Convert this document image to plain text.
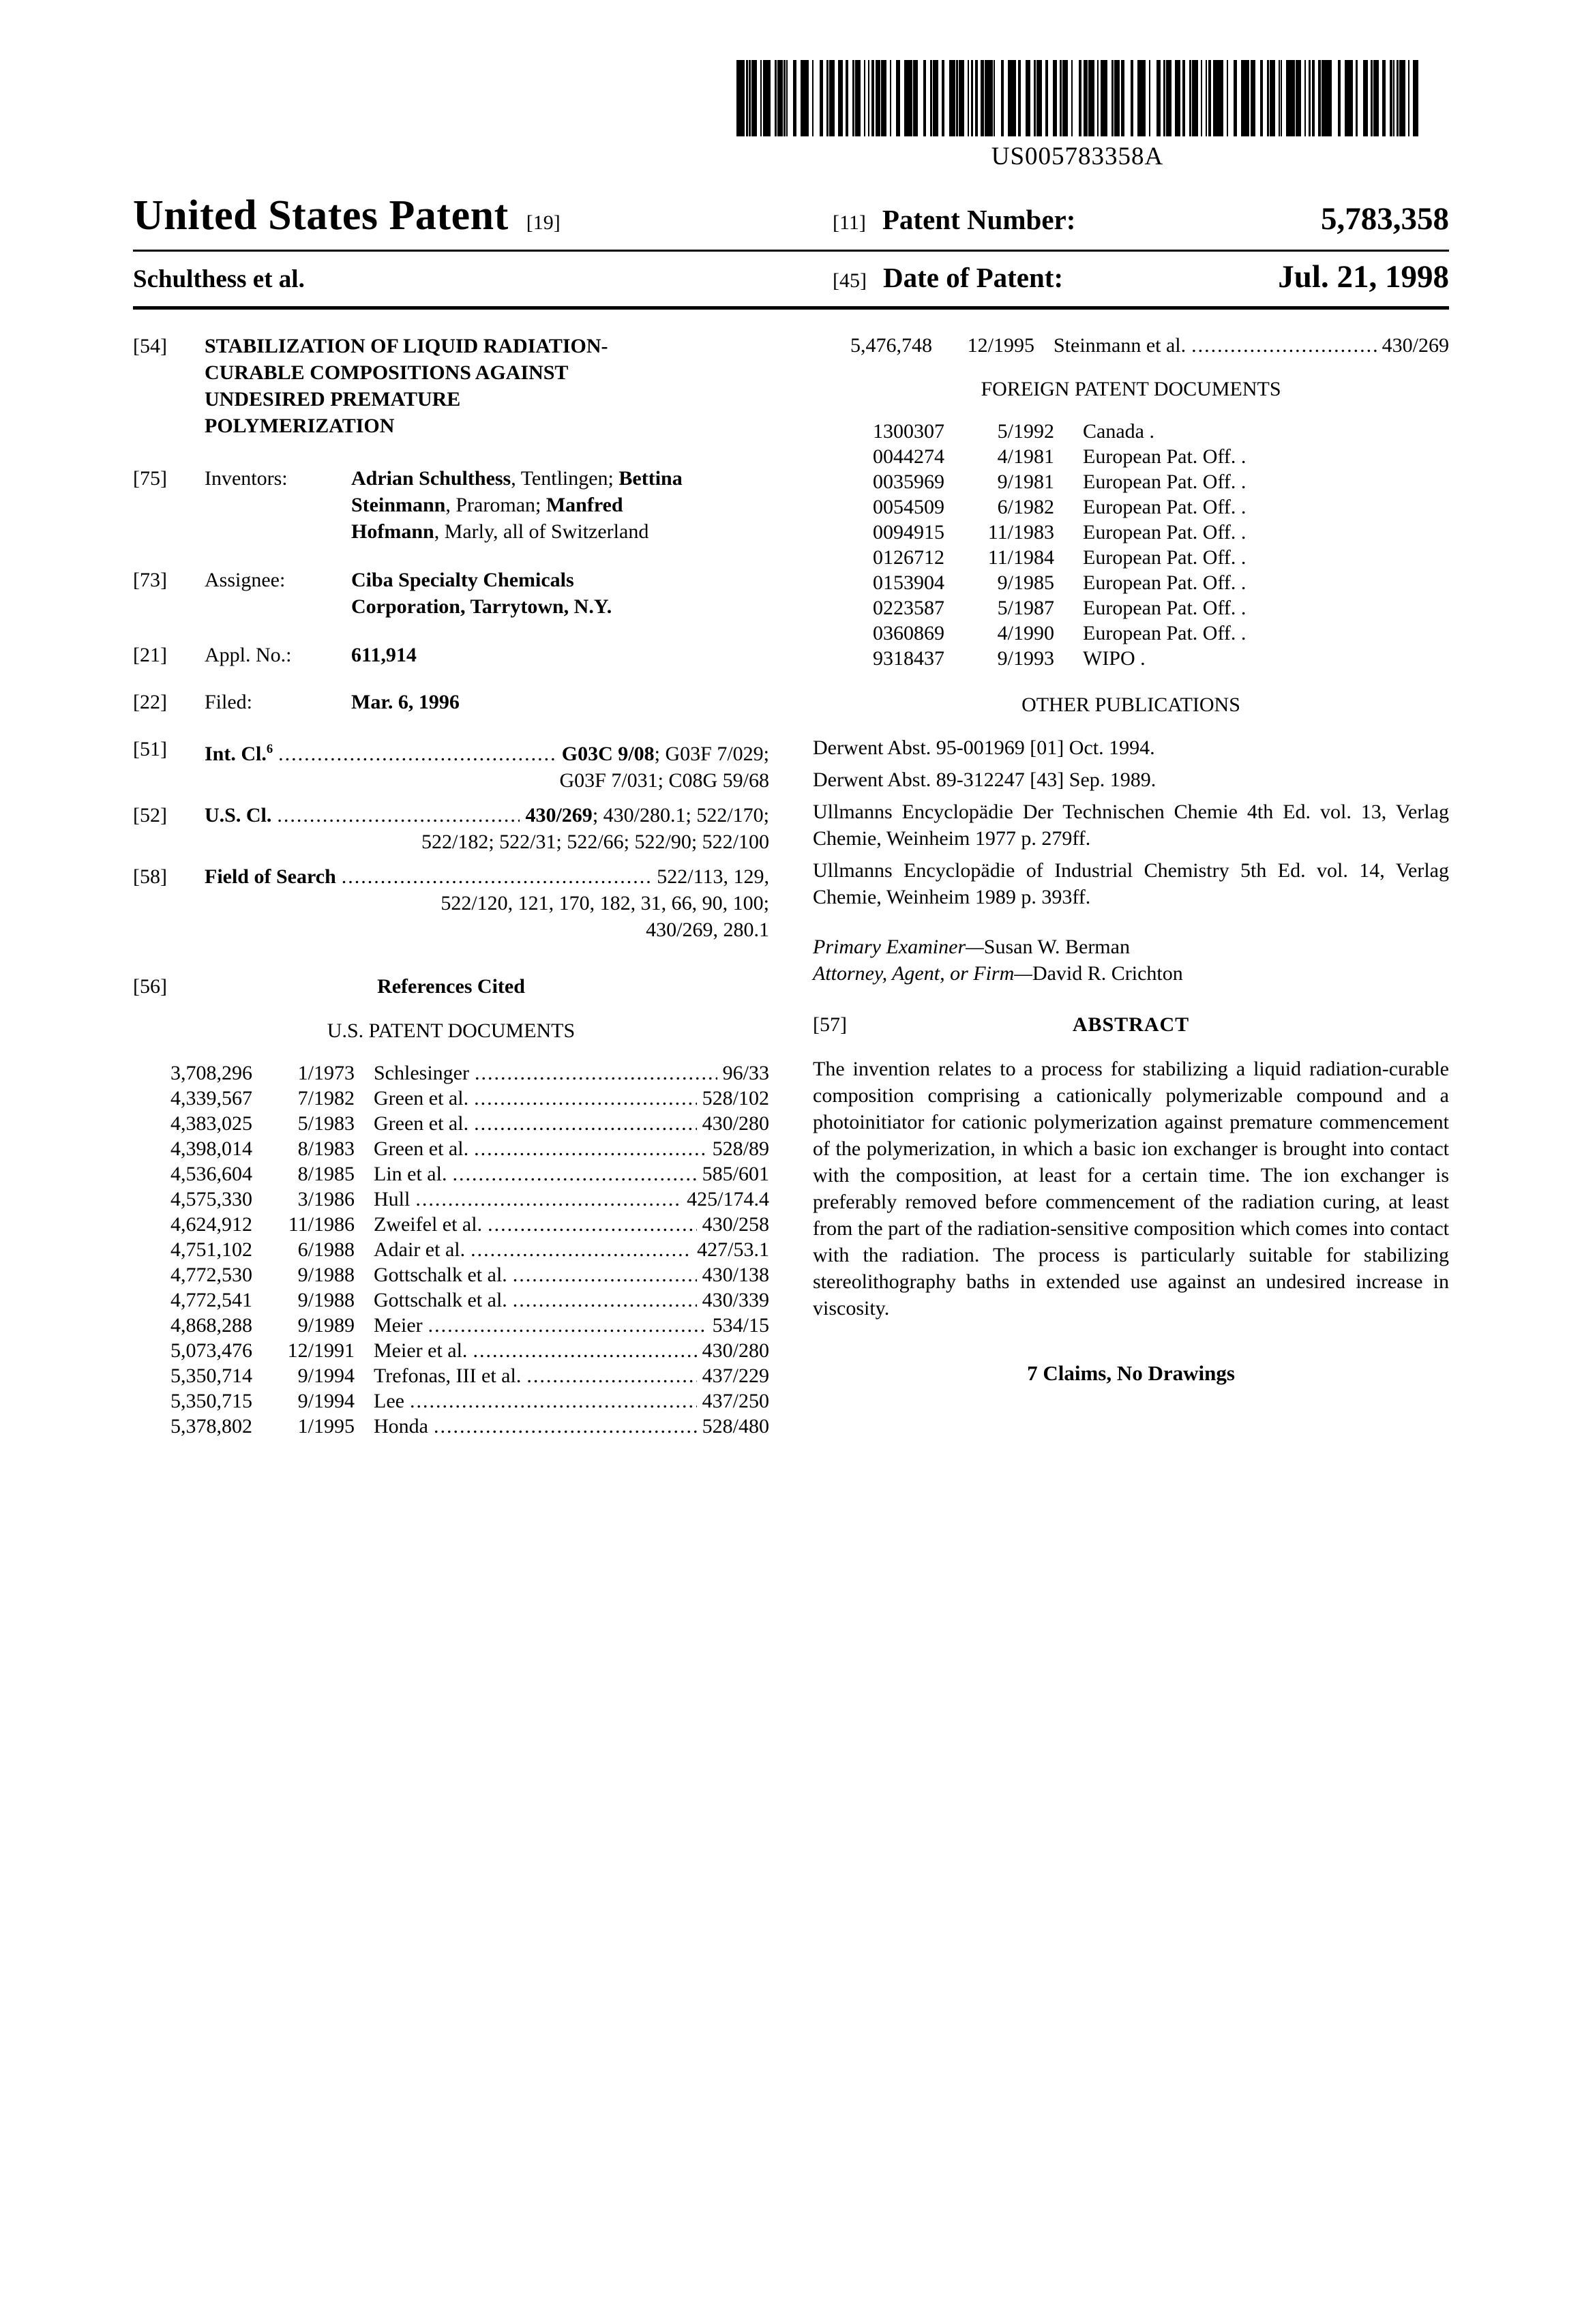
US005783358A
United States Patent [19]	[11] Patent Number:	5,783,358
Schulthess et al.	[45] Date of Patent:	Jul. 21, 1998
[54]	STABILIZATION OF LIQUID RADIATION-
CURABLE COMPOSITIONS AGAINST
UNDESIRED PREMATURE
POLYMERIZATION
[75]	Inventors:	Adrian Schulthess, Tentlingen; Bettina
Steinmann, Praroman; Manfred
Hofmann, Marly, all of Switzerland
[73]	Assignee:	Ciba Specialty Chemicals
Corporation, Tarrytown, N.Y.
[21]	Appl. No.:	611,914
[22]	Filed:	Mar. 6, 1996
[51]	Int. Cl.$^6$ .....	G03C 9/08; G03F 7/029;
G03F 7/031; C08G 59/68
[52]	U.S. Cl. .....	430/269; 430/280.1; 522/170;
522/182; 522/31; 522/66; 522/90; 522/100
[58]	Field of Search .....	522/113, 129,
522/120, 121, 170, 182, 31, 66, 90, 100;
430/269, 280.1
[56]	References Cited
U.S. PATENT DOCUMENTS
3,708,296	1/1973 Schlesinger .....	96/33
4,339,567	7/1982 Green et al. .....	528/102
4,383,025	5/1983 Green et al. .....	430/280
4,398,014	8/1983 Green et al. .....	528/89
4,536,604	8/1985 Lin et al. .....	585/601
4,575,330	3/1986 Hull .....	425/174.4
4,624,912	11/1986 Zweifel et al. .....	430/258
4,751,102	6/1988 Adair et al. .....	427/53.1
4,772,530	9/1988 Gottschalk et al. .....	430/138
4,772,541	9/1988 Gottschalk et al. .....	430/339
4,868,288	9/1989 Meier .....	534/15
5,073,476	12/1991 Meier et al. .....	430/280
5,350,714	9/1994 Trefonas, III et al. .....	437/229
5,350,715	9/1994 Lee .....	437/250
5,378,802	1/1995 Honda .....	528/480
5,476,748	12/1995 Steinmann et al. .....	430/269
FOREIGN PATENT DOCUMENTS
1300307	5/1992 Canada .
0044274	4/1981 European Pat. Off. .
0035969	9/1981 European Pat. Off. .
0054509	6/1982 European Pat. Off. .
0094915	11/1983 European Pat. Off. .
0126712	11/1984 European Pat. Off. .
0153904	9/1985 European Pat. Off. .
0223587	5/1987 European Pat. Off. .
0360869	4/1990 European Pat. Off. .
9318437	9/1993 WIPO .
OTHER PUBLICATIONS

Derwent Abst. 95-001969 [01] Oct. 1994.

Derwent Abst. 89-312247 [43] Sep. 1989.

Ullmanns Encyclopädie Der Technischen Chemie 4th Ed. vol. 13, Verlag Chemie, Weinheim 1977 p. 279ff.

Ullmanns Encyclopädie of Industrial Chemistry 5th Ed. vol. 14, Verlag Chemie, Weinheim 1989 p. 393ff.

Primary Examiner—Susan W. Berman
Attorney, Agent, or Firm—David R. Crichton
[57]	ABSTRACT

The invention relates to a process for stabilizing a liquid radiation-curable composition comprising a cationically polymerizable compound and a photoinitiator for cationic polymerization against premature commencement of the polymerization, in which a basic ion exchanger is brought into contact with the composition, at least for a certain time. The ion exchanger is preferably removed before commencement of the radiation curing, at least from the part of the radiation-sensitive composition which comes into contact with the radiation. The process is particularly suitable for stabilizing stereolithography baths in extended use against an undesired increase in viscosity.

7 Claims, No Drawings
